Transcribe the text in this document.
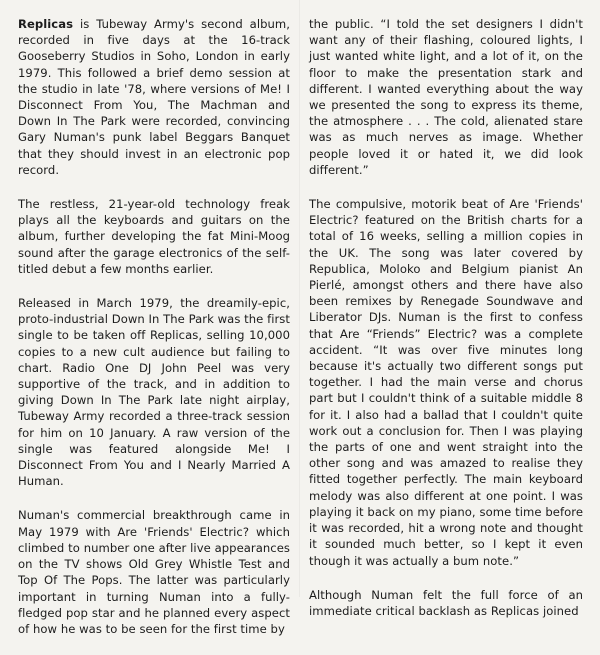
Replicas is Tubeway Army's second album, recorded in five days at the 16-track Gooseberry Studios in Soho, London in early 1979. This followed a brief demo session at the studio in late '78, where versions of Me! I Disconnect From You, The Machman and Down In The Park were recorded, convincing Gary Numan's punk label Beggars Banquet that they should invest in an electronic pop record.

The restless, 21-year-old technology freak plays all the keyboards and guitars on the album, further developing the fat Mini-Moog sound after the garage electronics of the self-titled debut a few months earlier.

Released in March 1979, the dreamily-epic, proto-industrial Down In The Park was the first single to be taken off Replicas, selling 10,000 copies to a new cult audience but failing to chart. Radio One DJ John Peel was very supportive of the track, and in addition to giving Down In The Park late night airplay, Tubeway Army recorded a three-track session for him on 10 January. A raw version of the single was featured alongside Me! I Disconnect From You and I Nearly Married A Human.

Numan's commercial breakthrough came in May 1979 with Are 'Friends' Electric? which climbed to number one after live appearances on the TV shows Old Grey Whistle Test and Top Of The Pops. The latter was particularly important in turning Numan into a fully-fledged pop star and he planned every aspect of how he was to be seen for the first time by

the public. “I told the set designers I didn't want any of their flashing, coloured lights, I just wanted white light, and a lot of it, on the floor to make the presentation stark and different. I wanted everything about the way we presented the song to express its theme, the atmosphere . . . The cold, alienated stare was as much nerves as image. Whether people loved it or hated it, we did look different.”

The compulsive, motorik beat of Are 'Friends' Electric? featured on the British charts for a total of 16 weeks, selling a million copies in the UK. The song was later covered by Republica, Moloko and Belgium pianist An Pierlé, amongst others and there have also been remixes by Renegade Soundwave and Liberator DJs. Numan is the first to confess that Are “Friends” Electric? was a complete accident. “It was over five minutes long because it's actually two different songs put together. I had the main verse and chorus part but I couldn't think of a suitable middle 8 for it. I also had a ballad that I couldn't quite work out a conclusion for. Then I was playing the parts of one and went straight into the other song and was amazed to realise they fitted together perfectly. The main keyboard melody was also different at one point. I was playing it back on my piano, some time before it was recorded, hit a wrong note and thought it sounded much better, so I kept it even though it was actually a bum note.”

Although Numan felt the full force of an immediate critical backlash as Replicas joined
